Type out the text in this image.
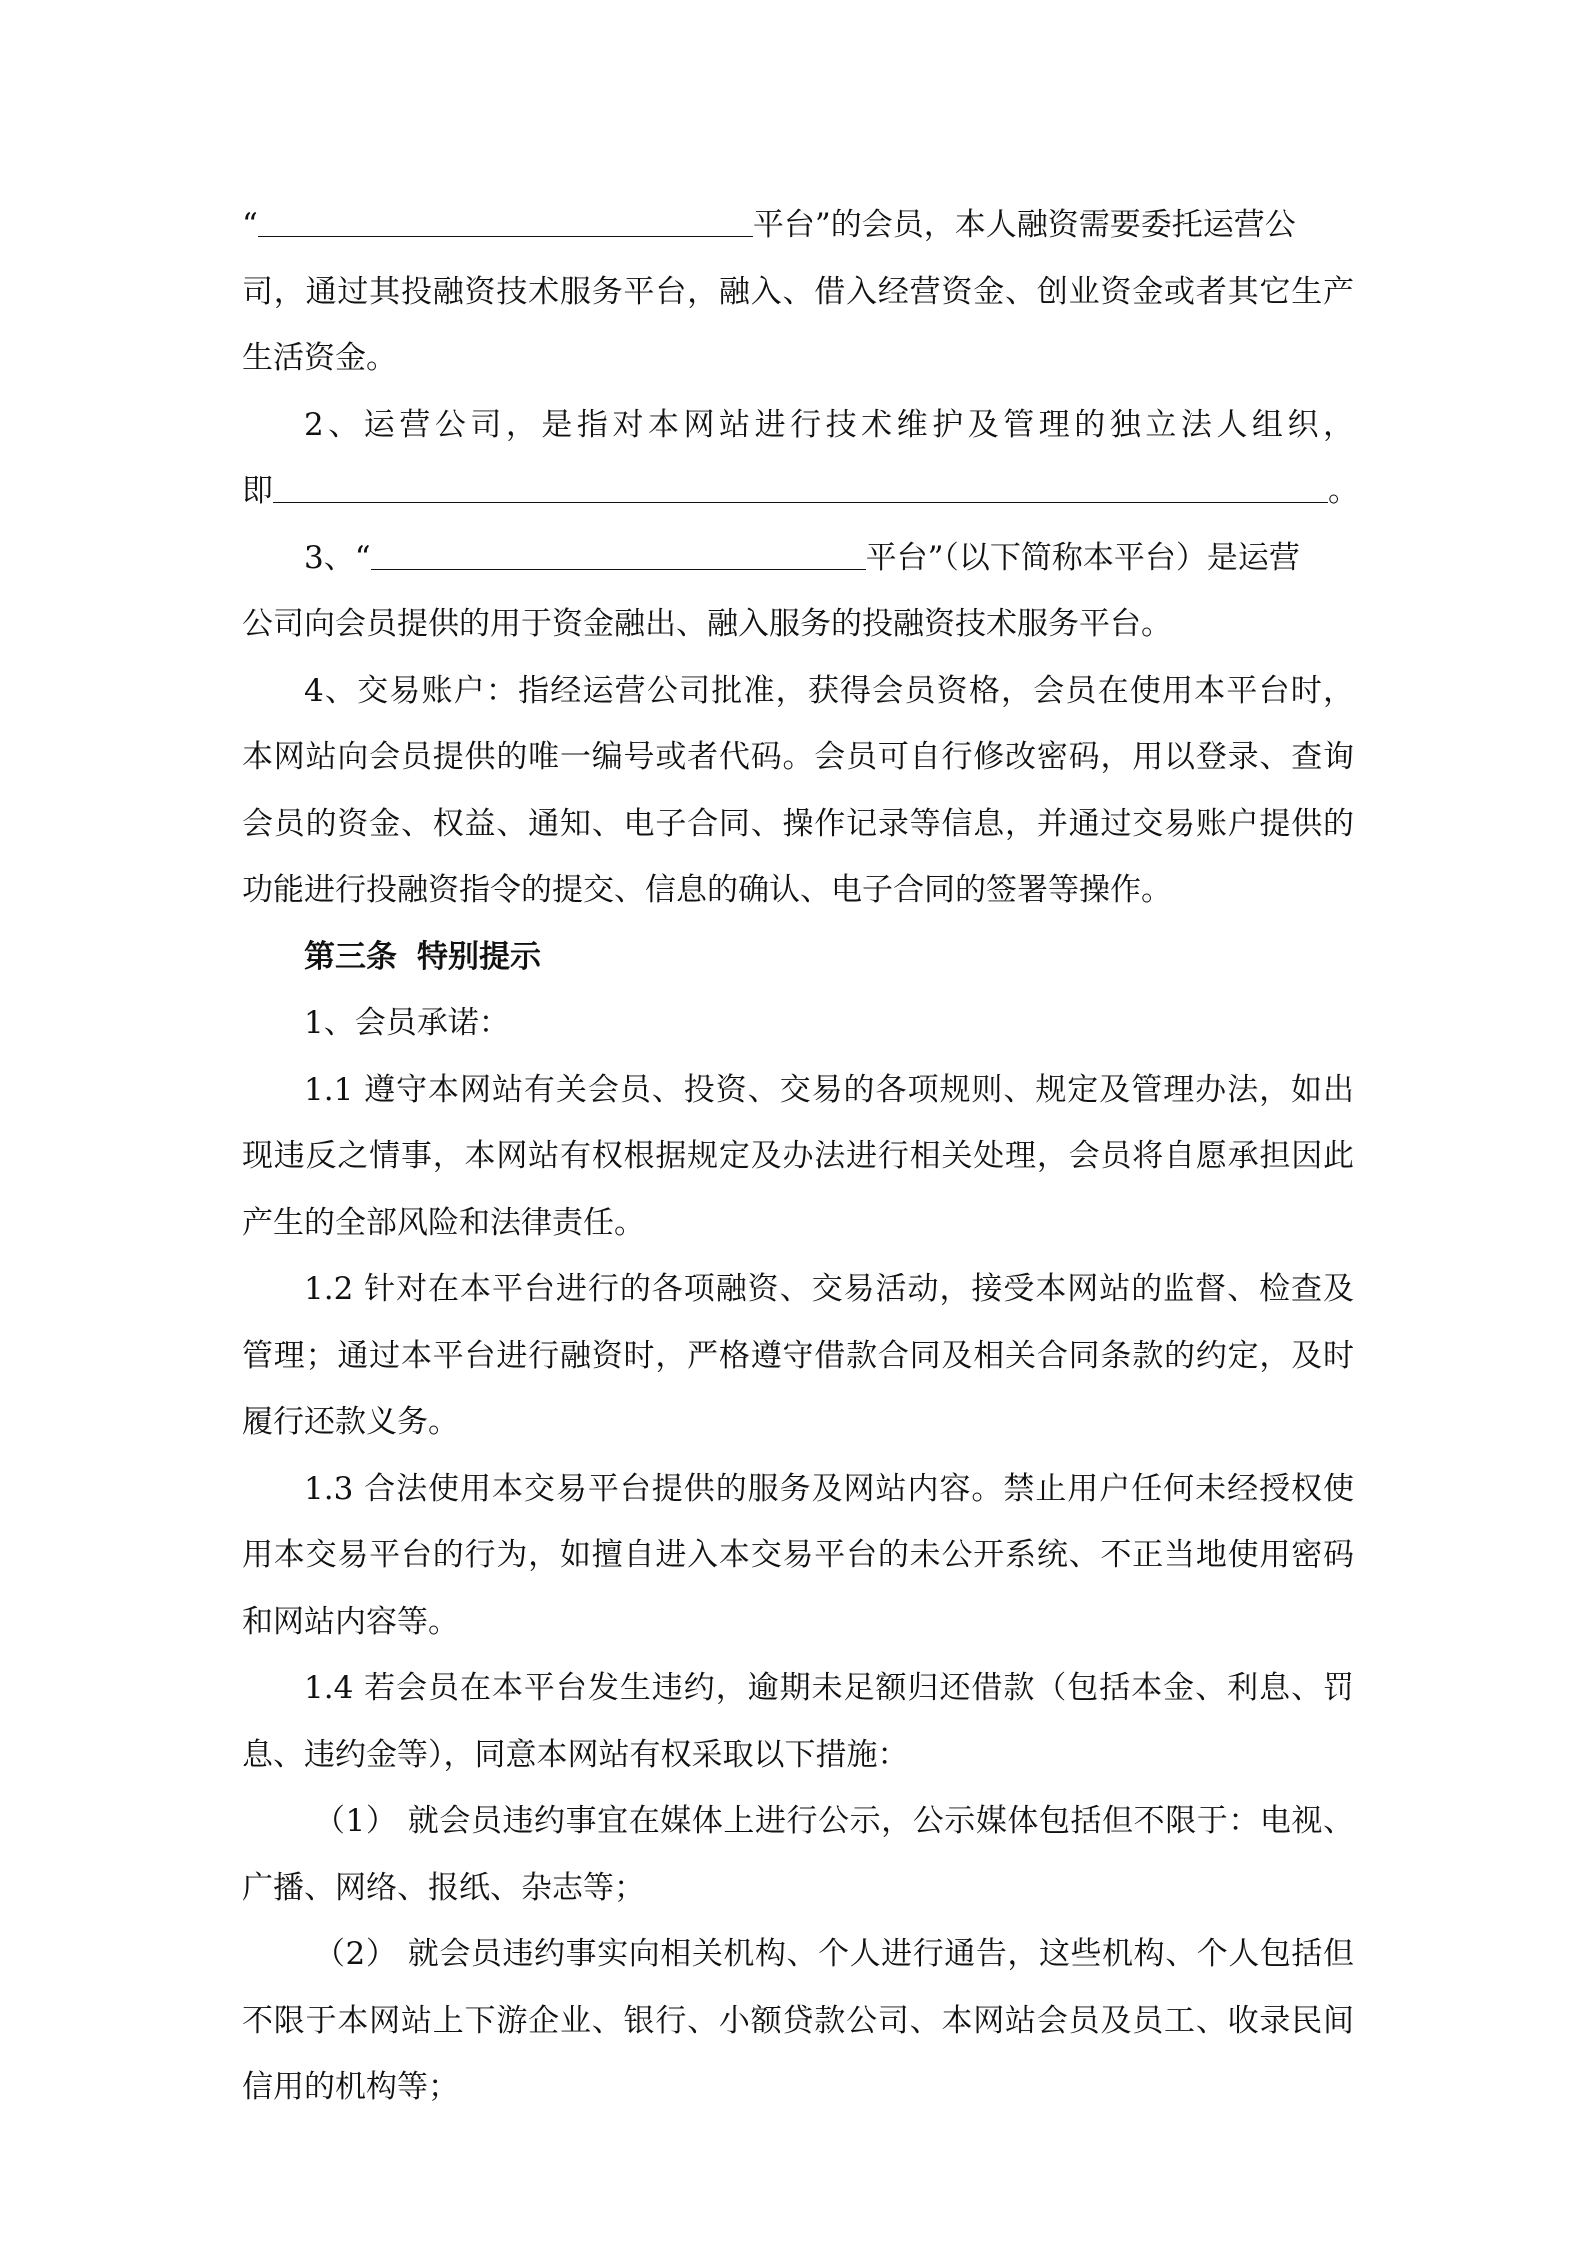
“	平台”的会员，本人融资需要委托运营公
司，通过其投融资技术服务平台，融入、借入经营资金、创业资金或者其它生产
生活资金。
2、运营公司，是指对本网站进行技术维护及管理的独立法人组织，
即	。
3、“	平台”（以下简称本平台）是运营
公司向会员提供的用于资金融出、融入服务的投融资技术服务平台。
4、交易账户：指经运营公司批准，获得会员资格，会员在使用本平台时，
本网站向会员提供的唯一编号或者代码。会员可自行修改密码，用以登录、查询
会员的资金、权益、通知、电子合同、操作记录等信息，并通过交易账户提供的
功能进行投融资指令的提交、信息的确认、电子合同的签署等操作。
第三条 特别提示
1、会员承诺：
1.1 遵守本网站有关会员、投资、交易的各项规则、规定及管理办法，如出
现违反之情事，本网站有权根据规定及办法进行相关处理，会员将自愿承担因此
产生的全部风险和法律责任。
1.2 针对在本平台进行的各项融资、交易活动，接受本网站的监督、检查及
管理；通过本平台进行融资时，严格遵守借款合同及相关合同条款的约定，及时
履行还款义务。
1.3 合法使用本交易平台提供的服务及网站内容。禁止用户任何未经授权使
用本交易平台的行为，如擅自进入本交易平台的未公开系统、不正当地使用密码
和网站内容等。
1.4 若会员在本平台发生违约，逾期未足额归还借款（包括本金、利息、罚
息、违约金等），同意本网站有权采取以下措施：
（1） 就会员违约事宜在媒体上进行公示，公示媒体包括但不限于：电视、
广播、网络、报纸、杂志等；
（2） 就会员违约事实向相关机构、个人进行通告，这些机构、个人包括但
不限于本网站上下游企业、银行、小额贷款公司、本网站会员及员工、收录民间
信用的机构等；
